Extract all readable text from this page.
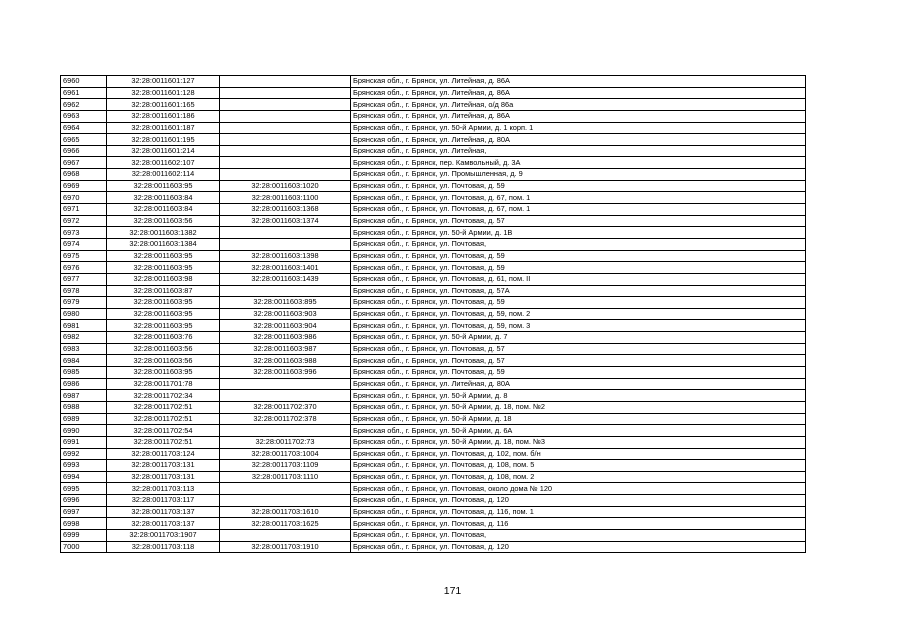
6960	32:28:0011601:127		Брянская обл., г. Брянск, ул. Литейная, д. 86А
6961	32:28:0011601:128		Брянская обл., г. Брянск, ул. Литейная, д. 86А
6962	32:28:0011601:165		Брянская обл., г. Брянск, ул. Литейная, о/д 86а
6963	32:28:0011601:186		Брянская обл., г. Брянск, ул. Литейная, д. 86А
6964	32:28:0011601:187		Брянская обл., г. Брянск, ул. 50-й Армии, д. 1 корп. 1
6965	32:28:0011601:195		Брянская обл., г. Брянск, ул. Литейная, д. 80А
6966	32:28:0011601:214		Брянская обл., г. Брянск, ул. Литейная,
6967	32:28:0011602:107		Брянская обл., г. Брянск, пер. Камвольный, д. 3А
6968	32:28:0011602:114		Брянская обл., г. Брянск, ул. Промышленная, д. 9
6969	32:28:0011603:95	32:28:0011603:1020	Брянская обл., г. Брянск, ул. Почтовая, д. 59
6970	32:28:0011603:84	32:28:0011603:1100	Брянская обл., г. Брянск, ул. Почтовая, д. 67, пом. 1
6971	32:28:0011603:84	32:28:0011603:1368	Брянская обл., г. Брянск, ул. Почтовая, д. 67, пом. 1
6972	32:28:0011603:56	32:28:0011603:1374	Брянская обл., г. Брянск, ул. Почтовая, д. 57
6973	32:28:0011603:1382		Брянская обл., г. Брянск, ул. 50-й Армии, д. 1В
6974	32:28:0011603:1384		Брянская обл., г. Брянск, ул. Почтовая,
6975	32:28:0011603:95	32:28:0011603:1398	Брянская обл., г. Брянск, ул. Почтовая, д. 59
6976	32:28:0011603:95	32:28:0011603:1401	Брянская обл., г. Брянск, ул. Почтовая, д. 59
6977	32:28:0011603:98	32:28:0011603:1439	Брянская обл., г. Брянск, ул. Почтовая, д. 61, пом. II
6978	32:28:0011603:87		Брянская обл., г. Брянск, ул. Почтовая, д. 57А
6979	32:28:0011603:95	32:28:0011603:895	Брянская обл., г. Брянск, ул. Почтовая, д. 59
6980	32:28:0011603:95	32:28:0011603:903	Брянская обл., г. Брянск, ул. Почтовая, д. 59, пом. 2
6981	32:28:0011603:95	32:28:0011603:904	Брянская обл., г. Брянск, ул. Почтовая, д. 59, пом. 3
6982	32:28:0011603:76	32:28:0011603:986	Брянская обл., г. Брянск, ул. 50-й Армии, д. 7
6983	32:28:0011603:56	32:28:0011603:987	Брянская обл., г. Брянск, ул. Почтовая, д. 57
6984	32:28:0011603:56	32:28:0011603:988	Брянская обл., г. Брянск, ул. Почтовая, д. 57
6985	32:28:0011603:95	32:28:0011603:996	Брянская обл., г. Брянск, ул. Почтовая, д. 59
6986	32:28:0011701:78		Брянская обл., г. Брянск, ул. Литейная, д. 80А
6987	32:28:0011702:34		Брянская обл., г. Брянск, ул. 50-й Армии, д. 8
6988	32:28:0011702:51	32:28:0011702:370	Брянская обл., г. Брянск, ул. 50-й Армии, д. 18, пом. №2
6989	32:28:0011702:51	32:28:0011702:378	Брянская обл., г. Брянск, ул. 50-й Армии, д. 18
6990	32:28:0011702:54		Брянская обл., г. Брянск, ул. 50-й Армии, д. 6А
6991	32:28:0011702:51	32:28:0011702:73	Брянская обл., г. Брянск, ул. 50-й Армии, д. 18, пом. №3
6992	32:28:0011703:124	32:28:0011703:1004	Брянская обл., г. Брянск, ул. Почтовая, д. 102, пом. б/н
6993	32:28:0011703:131	32:28:0011703:1109	Брянская обл., г. Брянск, ул. Почтовая, д. 108, пом. 5
6994	32:28:0011703:131	32:28:0011703:1110	Брянская обл., г. Брянск, ул. Почтовая, д. 108, пом. 2
6995	32:28:0011703:113		Брянская обл., г. Брянск, ул. Почтовая, около дома № 120
6996	32:28:0011703:117		Брянская обл., г. Брянск, ул. Почтовая, д. 120
6997	32:28:0011703:137	32:28:0011703:1610	Брянская обл., г. Брянск, ул. Почтовая, д. 116, пом. 1
6998	32:28:0011703:137	32:28:0011703:1625	Брянская обл., г. Брянск, ул. Почтовая, д. 116
6999	32:28:0011703:1907		Брянская обл., г. Брянск, ул. Почтовая,
7000	32:28:0011703:118	32:28:0011703:1910	Брянская обл., г. Брянск, ул. Почтовая, д. 120
171
